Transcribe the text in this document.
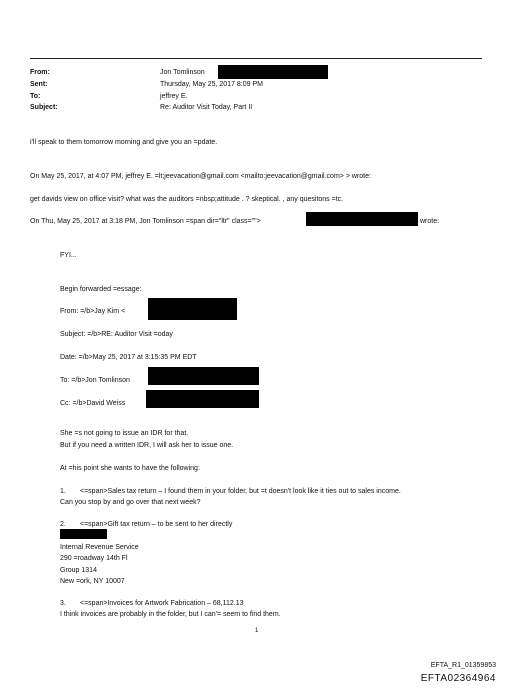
From:
Sent:
To:
Subject:
Jon Tomlinson
Thursday, May 25, 2017 8:09 PM
jeffrey E.
Re: Auditor Visit Today, Part II
i'll speak to them tomorrow morning and give you an =pdate.
On May 25, 2017, at 4:07 PM, jeffrey E. =lt;jeevacation@gmail.com <mailto:jeevacation@gmail.com> > wrote:
get davids view on office visit? what was the auditors =nbsp;attitude . ? skeptical. , any quesitons =tc.
On Thu, May 25, 2017 at 3:18 PM, Jon Tomlinson =span dir="ltr" class="">	wrote:
FYI...
Begin forwarded =essage:
From: =/b>Jay Kim <
Subject: =/b>RE: Auditor Visit =oday
Date: =/b>May 25, 2017 at 3:15:35 PM EDT
To: =/b>Jon Tomlinson
Cc: =/b>David Weiss
She =s not going to issue an IDR for that.
But if you need a written IDR, I will ask her to issue one.
At =his point she wants to have the following:
1. <=span>Sales tax return – I found them in your folder, but =t doesn't look like it ties out to sales income.
Can you stop by and go over that next week?
2. <=span>Gift tax return – to be sent to her directly
Internal Revenue Service
290 =roadway 14th Fl
Group 1314
New =ork, NY 10007
3. <=span>Invoices for Artwork Fabrication – 68,112.13
I think invoices are probably in the folder, but I can'= seem to find them.
1
EFTA_R1_01359853
EFTA02364964
